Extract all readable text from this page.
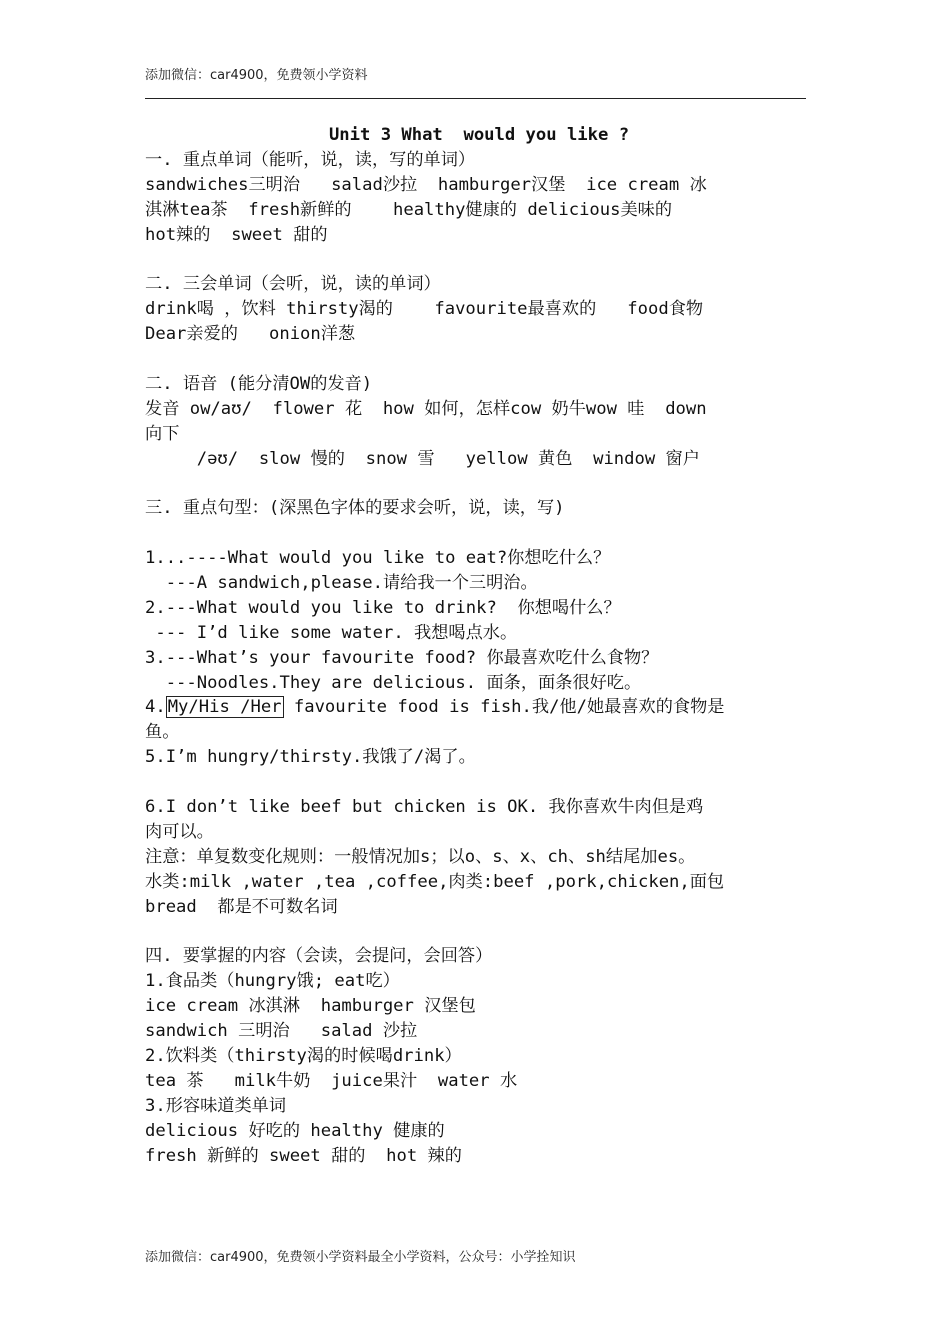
添加微信：car4900，免费领小学资料
Unit 3 What  would you like ?
一. 重点单词（能听，说，读，写的单词）
sandwiches三明治   salad沙拉  hamburger汉堡  ice cream 冰
淇淋tea茶  fresh新鲜的    healthy健康的 delicious美味的
hot辣的  sweet 甜的
二. 三会单词（会听，说，读的单词）
drink喝 ，饮料 thirsty渴的    favourite最喜欢的   food食物
Dear亲爱的   onion洋葱
二. 语音 (能分清OW的发音)
发音 ow/aʊ/  flower 花  how 如何，怎样cow 奶牛wow 哇  down
向下
/əʊ/  slow 慢的  snow 雪   yellow 黄色  window 窗户
三. 重点句型：(深黑色字体的要求会听，说，读，写)
1...----What would you like to eat?你想吃什么？
---A sandwich,please.请给我一个三明治。
2.---What would you like to drink?  你想喝什么？
--- I’d like some water. 我想喝点水。
3.---What’s your favourite food? 你最喜欢吃什么食物？
---Noodles.They are delicious. 面条，面条很好吃。
4. My/His /Her favourite food is fish.我/他/她最喜欢的食物是
鱼。
5.I’m hungry/thirsty.我饿了/渴了。
6.I don’t like beef but chicken is OK. 我你喜欢牛肉但是鸡
肉可以。
注意：单复数变化规则：一般情况加s；以o、s、x、ch、sh结尾加es。
水类:milk ,water ,tea ,coffee,肉类:beef ,pork,chicken,面包
bread  都是不可数名词
四. 要掌握的内容（会读，会提问，会回答）
1.食品类（hungry饿; eat吃）
ice cream 冰淇淋  hamburger 汉堡包
sandwich 三明治   salad 沙拉
2.饮料类（thirsty渴的时候喝drink）
tea 茶   milk牛奶  juice果汁  water 水
3.形容味道类单词
delicious 好吃的 healthy 健康的
fresh 新鲜的 sweet 甜的  hot 辣的
添加微信：car4900，免费领小学资料最全小学资料，公众号：小学拴知识
